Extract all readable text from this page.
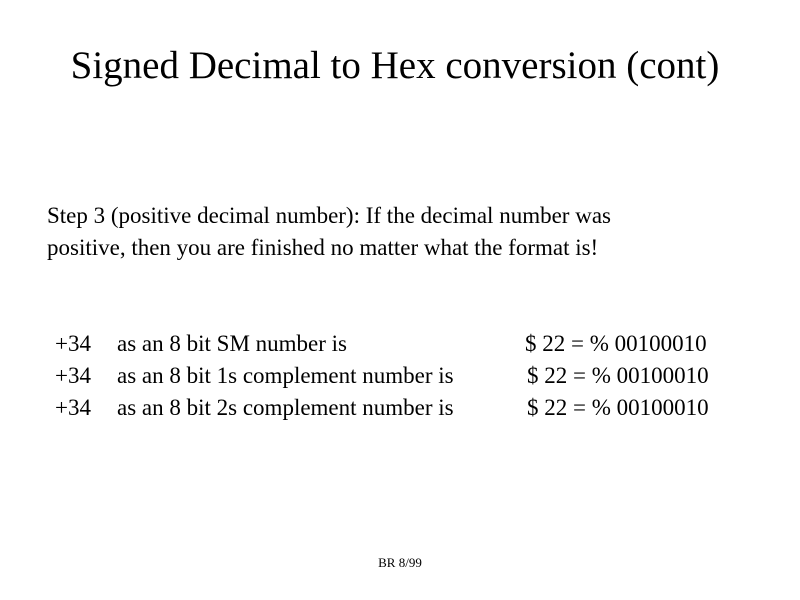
Signed Decimal to Hex conversion (cont)
Step 3 (positive decimal number): If the decimal number was
positive, then you are finished no matter what the format is!
+34 as an 8 bit SM number is	$ 22 = % 00100010
+34 as an 8 bit 1s complement number is	$ 22 = % 00100010
+34 as an 8 bit 2s complement number is	$ 22 = % 00100010
BR 8/99
